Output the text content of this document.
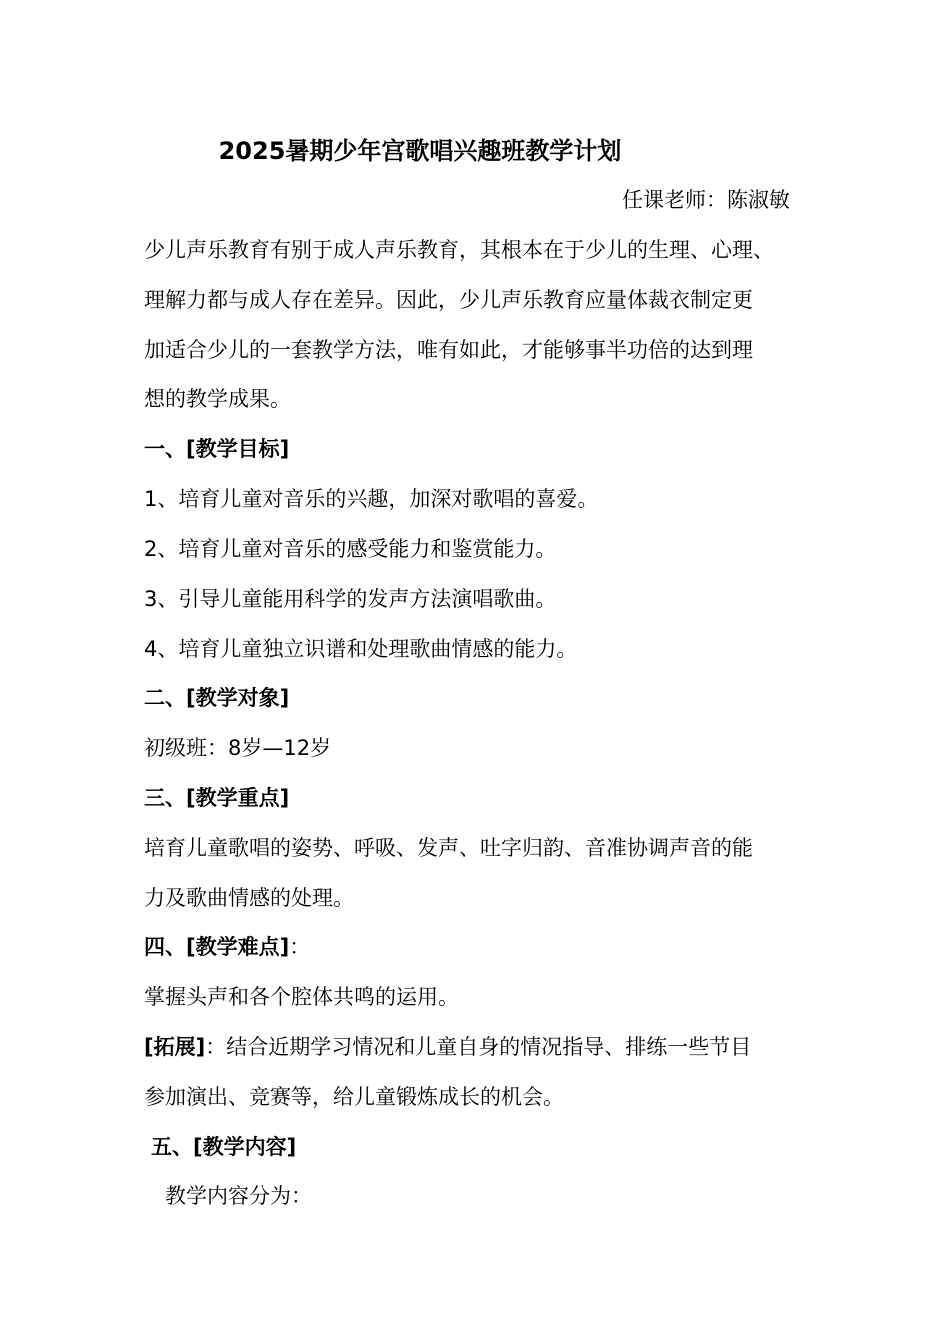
2025暑期少年宫歌唱兴趣班教学计划
任课老师：陈淑敏

少儿声乐教育有别于成人声乐教育，其根本在于少儿的生理、心理、

理解力都与成人存在差异。因此，少儿声乐教育应量体裁衣制定更

加适合少儿的一套教学方法，唯有如此，才能够事半功倍的达到理

想的教学成果。

一、[教学目标]

1、培育儿童对音乐的兴趣，加深对歌唱的喜爱。

2、培育儿童对音乐的感受能力和鉴赏能力。

3、引导儿童能用科学的发声方法演唱歌曲。

4、培育儿童独立识谱和处理歌曲情感的能力。

二、[教学对象]

初级班：8岁—12岁

三、[教学重点]

培育儿童歌唱的姿势、呼吸、发声、吐字归韵、音准协调声音的能

力及歌曲情感的处理。

四、[教学难点]：

掌握头声和各个腔体共鸣的运用。

[拓展]：结合近期学习情况和儿童自身的情况指导、排练一些节目

参加演出、竞赛等，给儿童锻炼成长的机会。

五、[教学内容]

教学内容分为：
